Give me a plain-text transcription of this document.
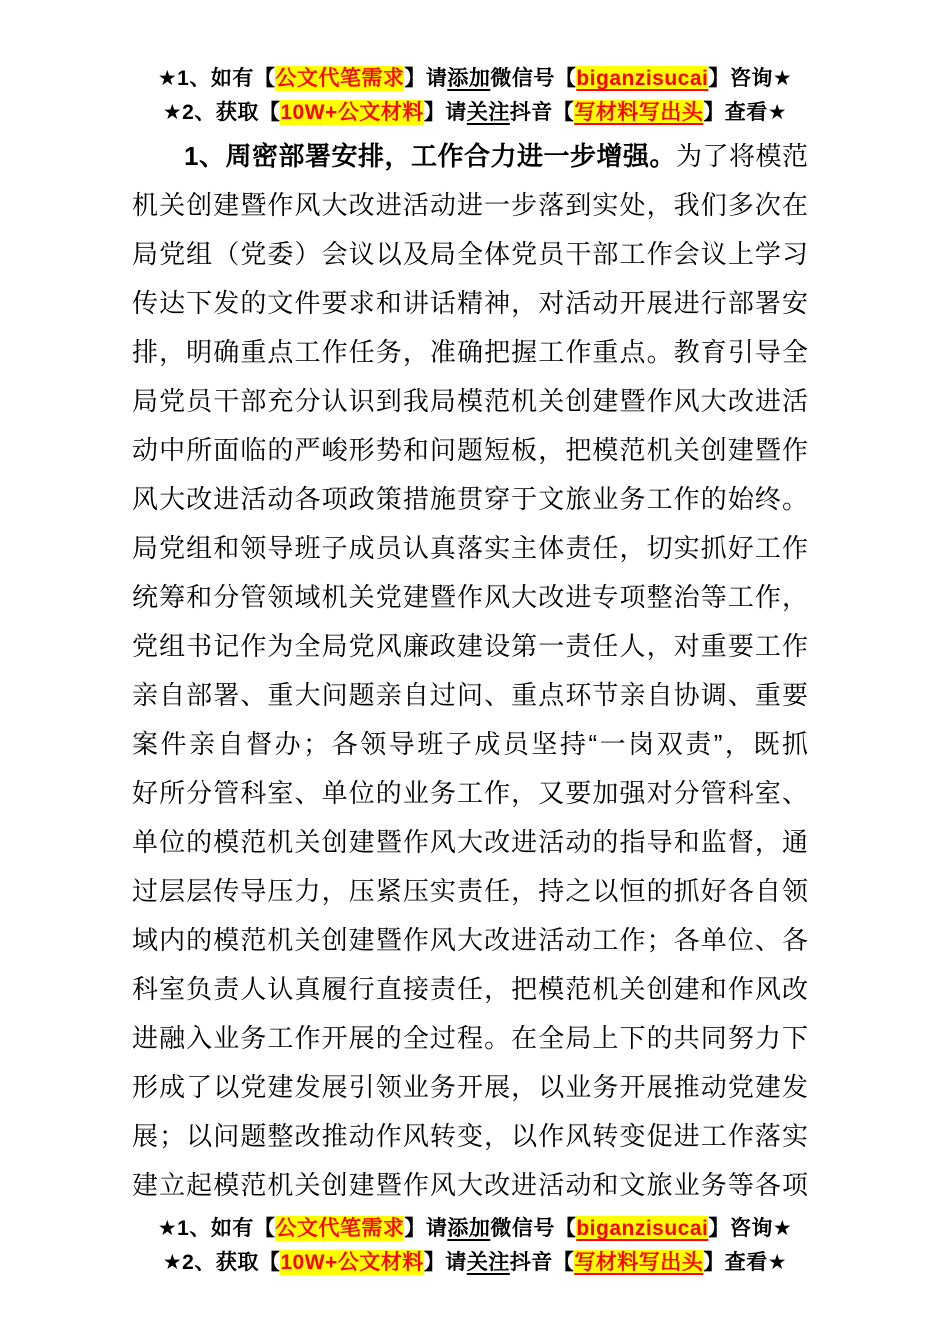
★1、如有【公文代笔需求】请添加微信号【biganzisucai】咨询★
★2、获取【10W+公文材料】请关注抖音【写材料写出头】查看★
1、周密部署安排，工作合力进一步增强。为了将模范
机关创建暨作风大改进活动进一步落到实处，我们多次在
局党组（党委）会议以及局全体党员干部工作会议上学习
传达下发的文件要求和讲话精神，对活动开展进行部署安
排，明确重点工作任务，准确把握工作重点。教育引导全
局党员干部充分认识到我局模范机关创建暨作风大改进活
动中所面临的严峻形势和问题短板，把模范机关创建暨作
风大改进活动各项政策措施贯穿于文旅业务工作的始终。
局党组和领导班子成员认真落实主体责任，切实抓好工作
统筹和分管领域机关党建暨作风大改进专项整治等工作，
党组书记作为全局党风廉政建设第一责任人，对重要工作
亲自部署、重大问题亲自过问、重点环节亲自协调、重要
案件亲自督办；各领导班子成员坚持“一岗双责”，既抓
好所分管科室、单位的业务工作，又要加强对分管科室、
单位的模范机关创建暨作风大改进活动的指导和监督，通
过层层传导压力，压紧压实责任，持之以恒的抓好各自领
域内的模范机关创建暨作风大改进活动工作；各单位、各
科室负责人认真履行直接责任，把模范机关创建和作风改
进融入业务工作开展的全过程。在全局上下的共同努力下
形成了以党建发展引领业务开展，以业务开展推动党建发
展；以问题整改推动作风转变，以作风转变促进工作落实
建立起模范机关创建暨作风大改进活动和文旅业务等各项
★1、如有【公文代笔需求】请添加微信号【biganzisucai】咨询★
★2、获取【10W+公文材料】请关注抖音【写材料写出头】查看★
